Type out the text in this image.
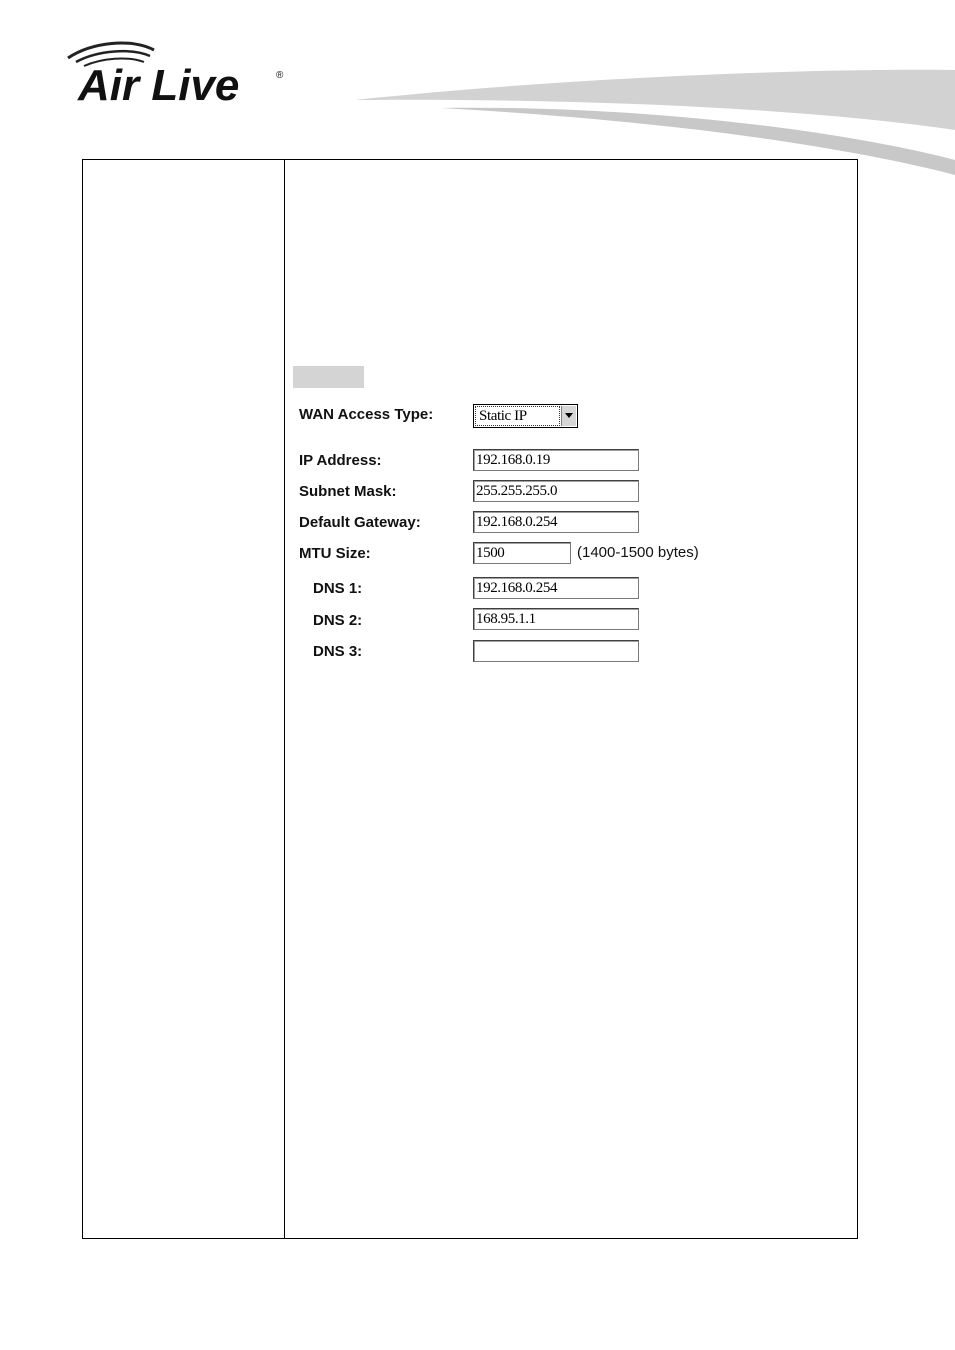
Air Live	®
WAN Access Type:	Static IP
IP Address:
192.168.0.19
Subnet Mask:
255.255.255.0
Default Gateway:
192.168.0.254
MTU Size:
1500	(1400-1500 bytes)
DNS 1:
192.168.0.254
DNS 2:
168.95.1.1
DNS 3:
